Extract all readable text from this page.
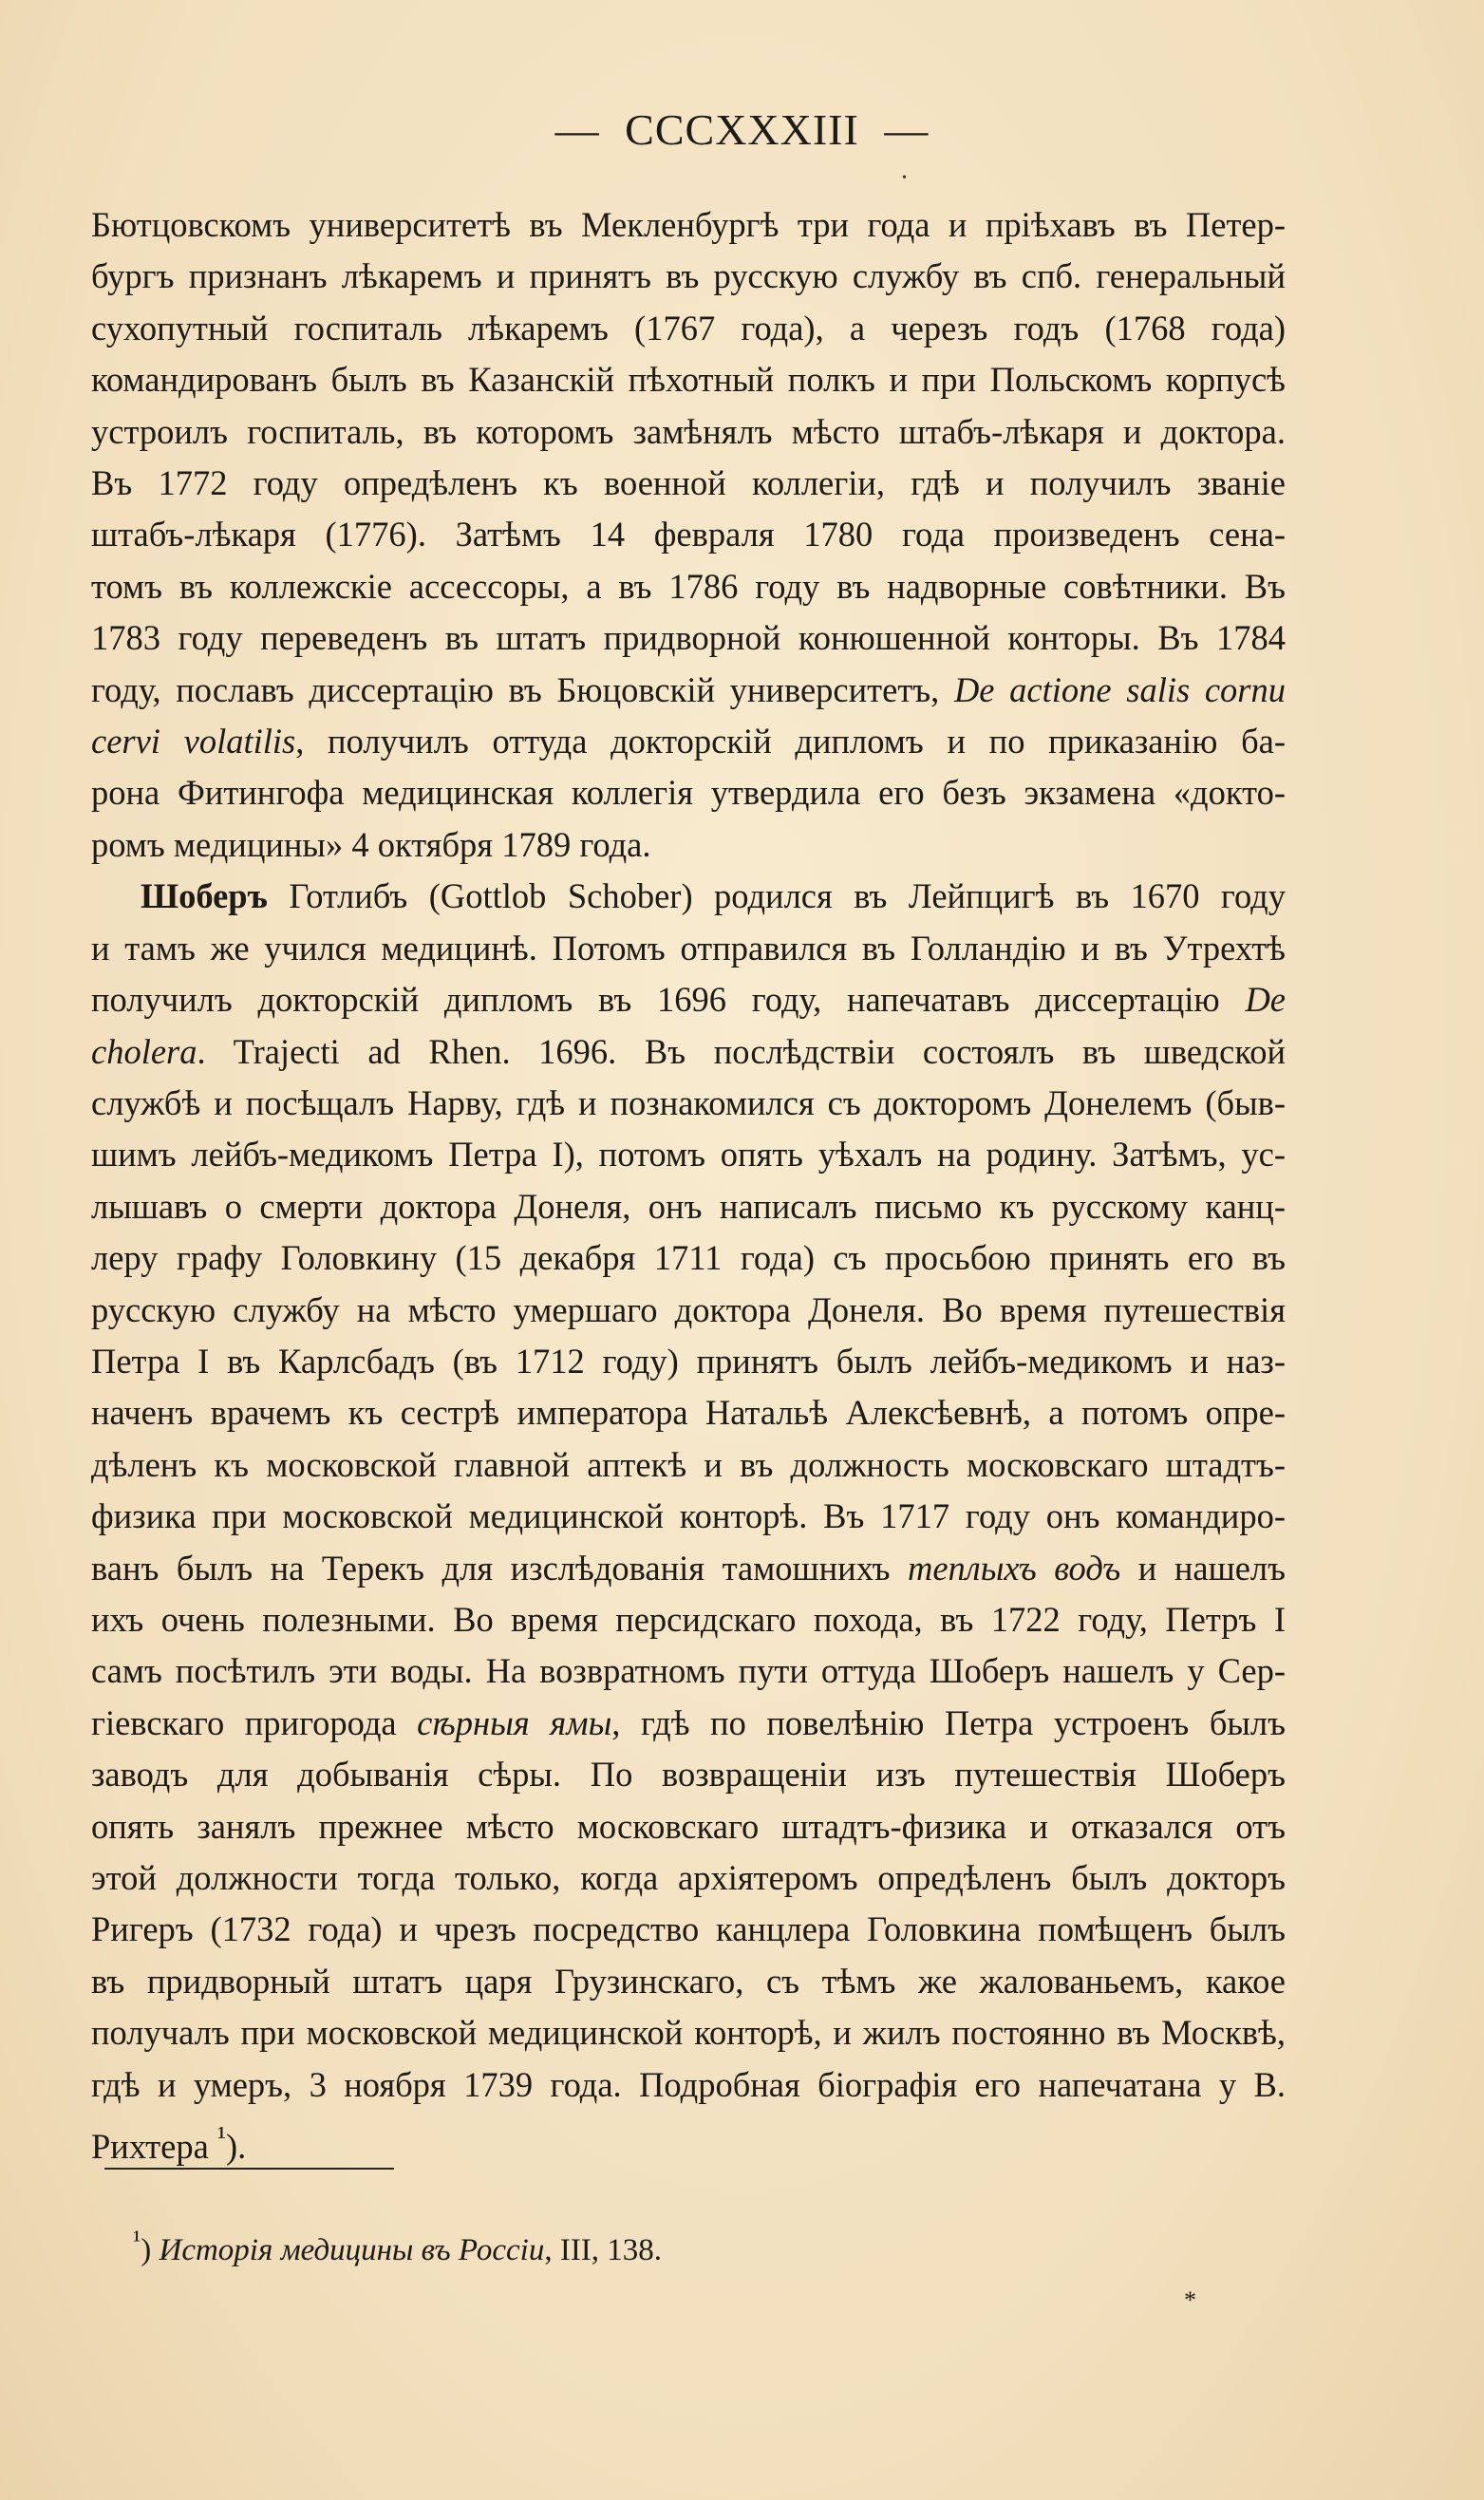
— CCCXXXIII —
•

Бютцовскомъ университетѣ въ Мекленбургѣ три года и пріѣхавъ въ Петер-
бургъ признанъ лѣкаремъ и принятъ въ русскую службу въ спб. генеральный
сухопутный госпиталь лѣкаремъ (1767 года), а черезъ годъ (1768 года)
командированъ былъ въ Казанскій пѣхотный полкъ и при Польскомъ корпусѣ
устроилъ госпиталь, въ которомъ замѣнялъ мѣсто штабъ-лѣкаря и доктора.
Въ 1772 году опредѣленъ къ военной коллегіи, гдѣ и получилъ званіе
штабъ-лѣкаря (1776). Затѣмъ 14 февраля 1780 года произведенъ сена-
томъ въ коллежскіе ассессоры, а въ 1786 году въ надворные совѣтники. Въ
1783 году переведенъ въ штатъ придворной конюшенной конторы. Въ 1784
году, пославъ диссертацію въ Бюцовскій университетъ, De actione salis cornu
cervi volatilis, получилъ оттуда докторскій дипломъ и по приказанію ба-
рона Фитингофа медицинская коллегія утвердила его безъ экзамена «докто-
ромъ медицины» 4 октября 1789 года.

Шоберъ Готлибъ (Gottlob Schober) родился въ Лейпцигѣ въ 1670 году
и тамъ же учился медицинѣ. Потомъ отправился въ Голландію и въ Утрехтѣ
получилъ докторскій дипломъ въ 1696 году, напечатавъ диссертацію De
cholera. Trajecti ad Rhen. 1696. Въ послѣдствіи состоялъ въ шведской
службѣ и посѣщалъ Нарву, гдѣ и познакомился съ докторомъ Донелемъ (быв-
шимъ лейбъ-медикомъ Петра I), потомъ опять уѣхалъ на родину. Затѣмъ, ус-
лышавъ о смерти доктора Донеля, онъ написалъ письмо къ русскому канц-
леру графу Головкину (15 декабря 1711 года) съ просьбою принять его въ
русскую службу на мѣсто умершаго доктора Донеля. Во время путешествія
Петра I въ Карлсбадъ (въ 1712 году) принятъ былъ лейбъ-медикомъ и наз-
наченъ врачемъ къ сестрѣ императора Натальѣ Алексѣевнѣ, а потомъ опре-
дѣленъ къ московской главной аптекѣ и въ должность московскаго штадтъ-
физика при московской медицинской конторѣ. Въ 1717 году онъ командиро-
ванъ былъ на Терекъ для изслѣдованія тамошнихъ теплыхъ водъ и нашелъ
ихъ очень полезными. Во время персидскаго похода, въ 1722 году, Петръ I
самъ посѣтилъ эти воды. На возвратномъ пути оттуда Шоберъ нашелъ у Сер-
гіевскаго пригорода сѣрныя ямы, гдѣ по повелѣнію Петра устроенъ былъ
заводъ для добыванія сѣры. По возвращеніи изъ путешествія Шоберъ
опять занялъ прежнее мѣсто московскаго штадтъ-физика и отказался отъ
этой должности тогда только, когда архіятеромъ опредѣленъ былъ докторъ
Ригеръ (1732 года) и чрезъ посредство канцлера Головкина помѣщенъ былъ
въ придворный штатъ царя Грузинскаго, съ тѣмъ же жалованьемъ, какое
получалъ при московской медицинской конторѣ, и жилъ постоянно въ Москвѣ,
гдѣ и умеръ, 3 ноября 1739 года. Подробная біографія его напечатана у В.
Рихтера $^{^1}$).

$^{^1}$) Исторія медицины въ Россіи, III, 138.
*
